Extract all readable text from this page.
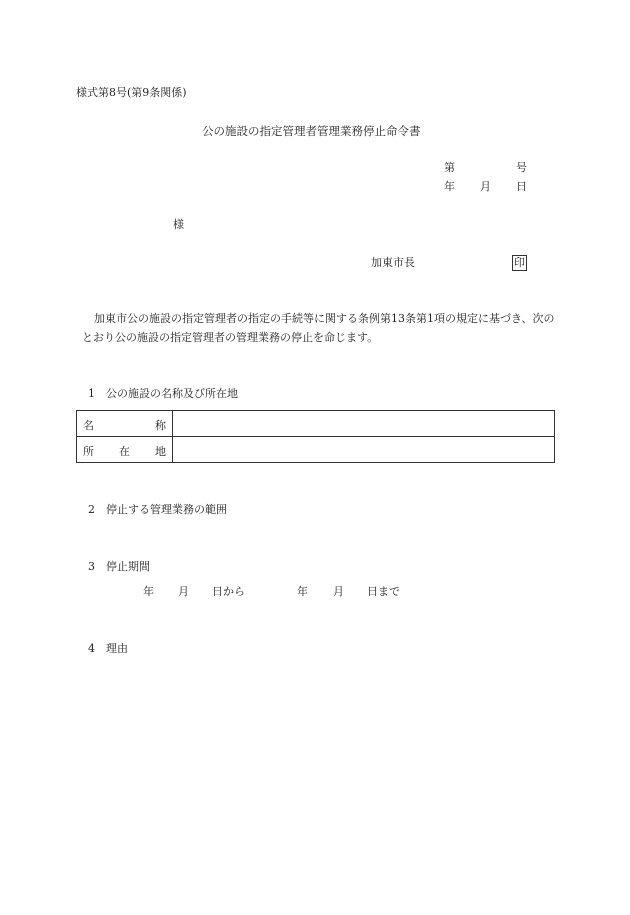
様式第8号(第9条関係)
公の施設の指定管理者管理業務停止命令書
第	号
年 月 日
様
加東市長	印
加東市公の施設の指定管理者の指定の手続等に関する条例第13条第1項の規定に基づき、次のとおり公の施設の指定管理者の管理業務の停止を命じます。
1 公の施設の名称及び所在地
名 称	

所 在 地	

2 停止する管理業務の範囲
3 停止期間
年 月 日から	年 月 日まで
4 理由
